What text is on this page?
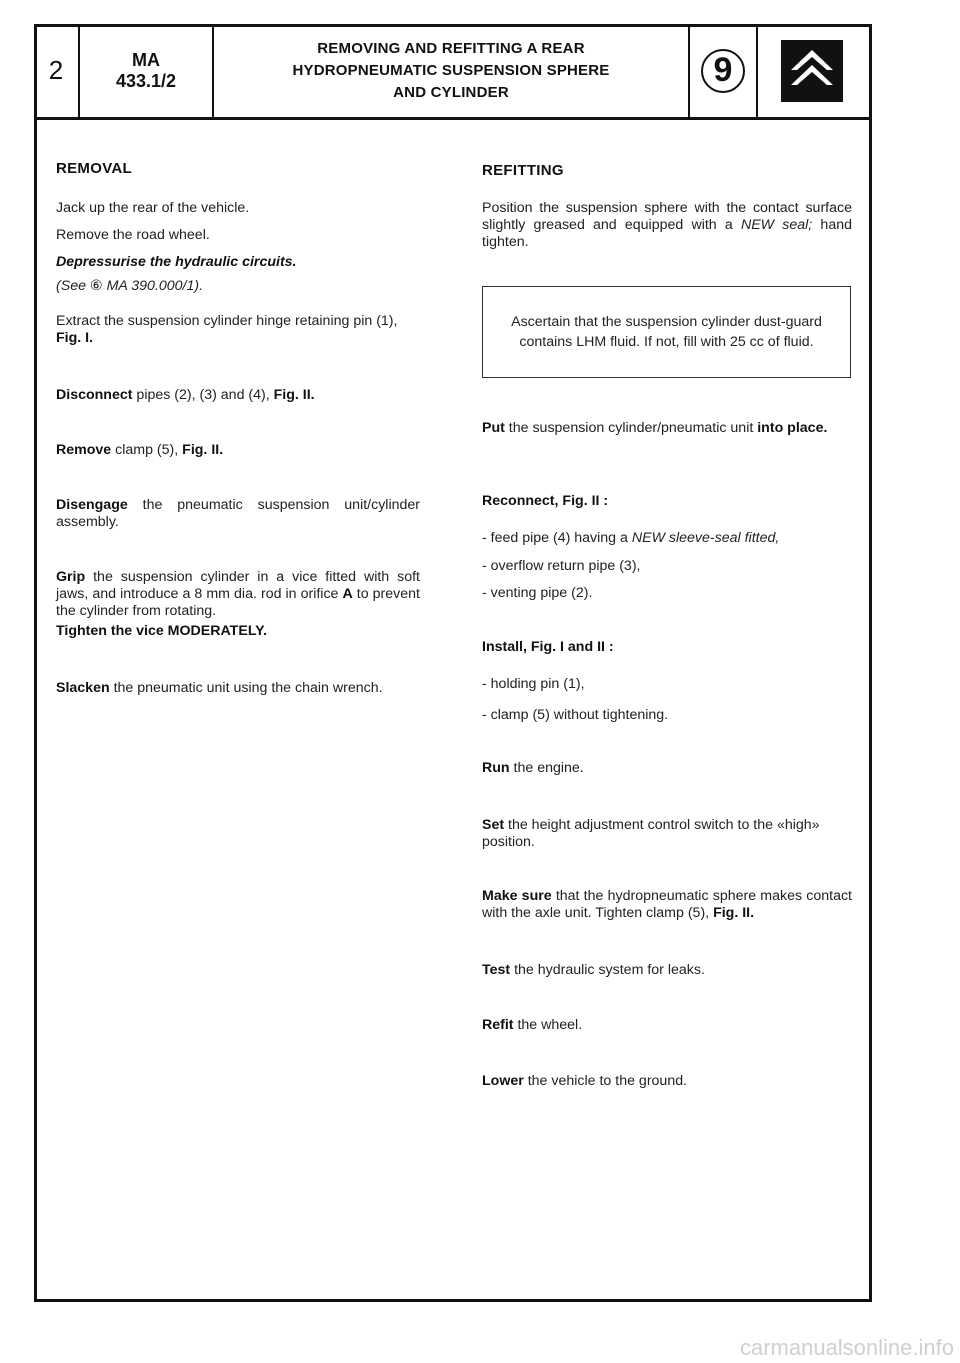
2	MA
433.1/2
REMOVING AND REFITTING A REAR
HYDROPNEUMATIC SUSPENSION SPHERE
AND CYLINDER
9
REMOVAL
Jack up the rear of the vehicle.
Remove the road wheel.
Depressurise the hydraulic circuits.
(See ⑥ MA 390.000/1).
Extract the suspension cylinder hinge retaining pin (1),
Fig. I.
Disconnect pipes (2), (3) and (4), Fig. II.
Remove clamp (5), Fig. II.
Disengage the pneumatic suspension unit/cylinder assembly.
Grip the suspension cylinder in a vice fitted with soft jaws, and introduce a 8 mm dia. rod in orifice A to prevent the cylinder from rotating.
Tighten the vice MODERATELY.
Slacken the pneumatic unit using the chain wrench.
REFITTING
Position the suspension sphere with the contact surface slightly greased and equipped with a NEW seal; hand tighten.
Ascertain that the suspension cylinder dust-guard
contains LHM fluid. If not, fill with 25 cc of fluid.
Put the suspension cylinder/pneumatic unit into place.
Reconnect, Fig. II :
- feed pipe (4) having a NEW sleeve-seal fitted,
- overflow return pipe (3),
- venting pipe (2).
Install, Fig. I and II :
- holding pin (1),
- clamp (5) without tightening.
Run the engine.
Set the height adjustment control switch to the «high» position.
Make sure that the hydropneumatic sphere makes contact with the axle unit. Tighten clamp (5), Fig. II.
Test the hydraulic system for leaks.
Refit the wheel.
Lower the vehicle to the ground.
carmanualsonline.info
